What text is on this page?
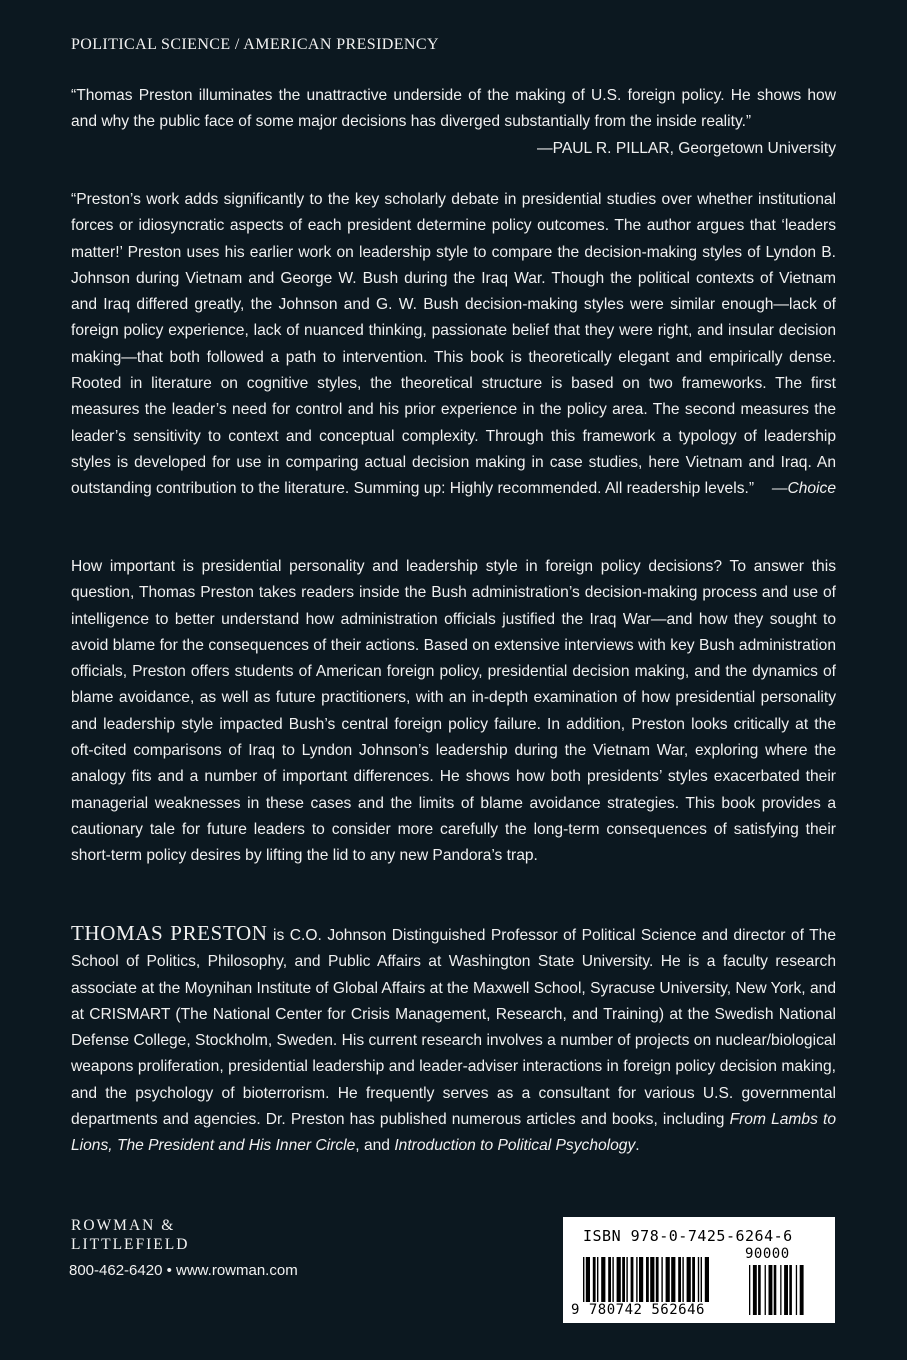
POLITICAL SCIENCE / AMERICAN PRESIDENCY
“Thomas Preston illuminates the unattractive underside of the making of U.S. foreign policy. He shows how and why the public face of some major decisions has diverged substantially from the inside reality.”
—PAUL R. PILLAR, Georgetown University
“Preston’s work adds significantly to the key scholarly debate in presidential studies over whether institutional forces or idiosyncratic aspects of each president determine policy outcomes. The author argues that ‘leaders matter!’ Preston uses his earlier work on leadership style to compare the decision-making styles of Lyndon B. Johnson during Vietnam and George W. Bush during the Iraq War. Though the political contexts of Vietnam and Iraq differed greatly, the Johnson and G. W. Bush decision-making styles were similar enough—lack of foreign policy experience, lack of nuanced thinking, passionate belief that they were right, and insular decision making—that both followed a path to intervention. This book is theoretically elegant and empirically dense. Rooted in literature on cognitive styles, the theoretical structure is based on two frameworks. The first measures the leader’s need for control and his prior experience in the policy area. The second measures the leader’s sensitivity to context and conceptual complexity. Through this framework a typology of leadership styles is developed for use in comparing actual decision making in case studies, here Vietnam and Iraq. An outstanding contribution to the literature. Summing up: Highly recommended. All readership levels.” —Choice
How important is presidential personality and leadership style in foreign policy decisions? To answer this question, Thomas Preston takes readers inside the Bush administration’s decision-making process and use of intelligence to better understand how administration officials justified the Iraq War—and how they sought to avoid blame for the consequences of their actions. Based on extensive interviews with key Bush administration officials, Preston offers students of American foreign policy, presidential decision making, and the dynamics of blame avoidance, as well as future practitioners, with an in-depth examination of how presidential personality and leadership style impacted Bush’s central foreign policy failure. In addition, Preston looks critically at the oft-cited comparisons of Iraq to Lyndon Johnson’s leadership during the Vietnam War, exploring where the analogy fits and a number of important differences. He shows how both presidents’ styles exacerbated their managerial weaknesses in these cases and the limits of blame avoidance strategies. This book provides a cautionary tale for future leaders to consider more carefully the long-term consequences of satisfying their short-term policy desires by lifting the lid to any new Pandora’s trap.
THOMAS PRESTON is C.O. Johnson Distinguished Professor of Political Science and director of The School of Politics, Philosophy, and Public Affairs at Washington State University. He is a faculty research associate at the Moynihan Institute of Global Affairs at the Maxwell School, Syracuse University, New York, and at CRISMART (The National Center for Crisis Management, Research, and Training) at the Swedish National Defense College, Stockholm, Sweden. His current research involves a number of projects on nuclear/biological weapons proliferation, presidential leadership and leader-adviser interactions in foreign policy decision making, and the psychology of bioterrorism. He frequently serves as a consultant for various U.S. governmental departments and agencies. Dr. Preston has published numerous articles and books, including From Lambs to Lions, The President and His Inner Circle, and Introduction to Political Psychology.
ROWMAN &
LITTLEFIELD
800-462-6420 • www.rowman.com
ISBN 978-0-7425-6264-6
90000
9 780742 562646
